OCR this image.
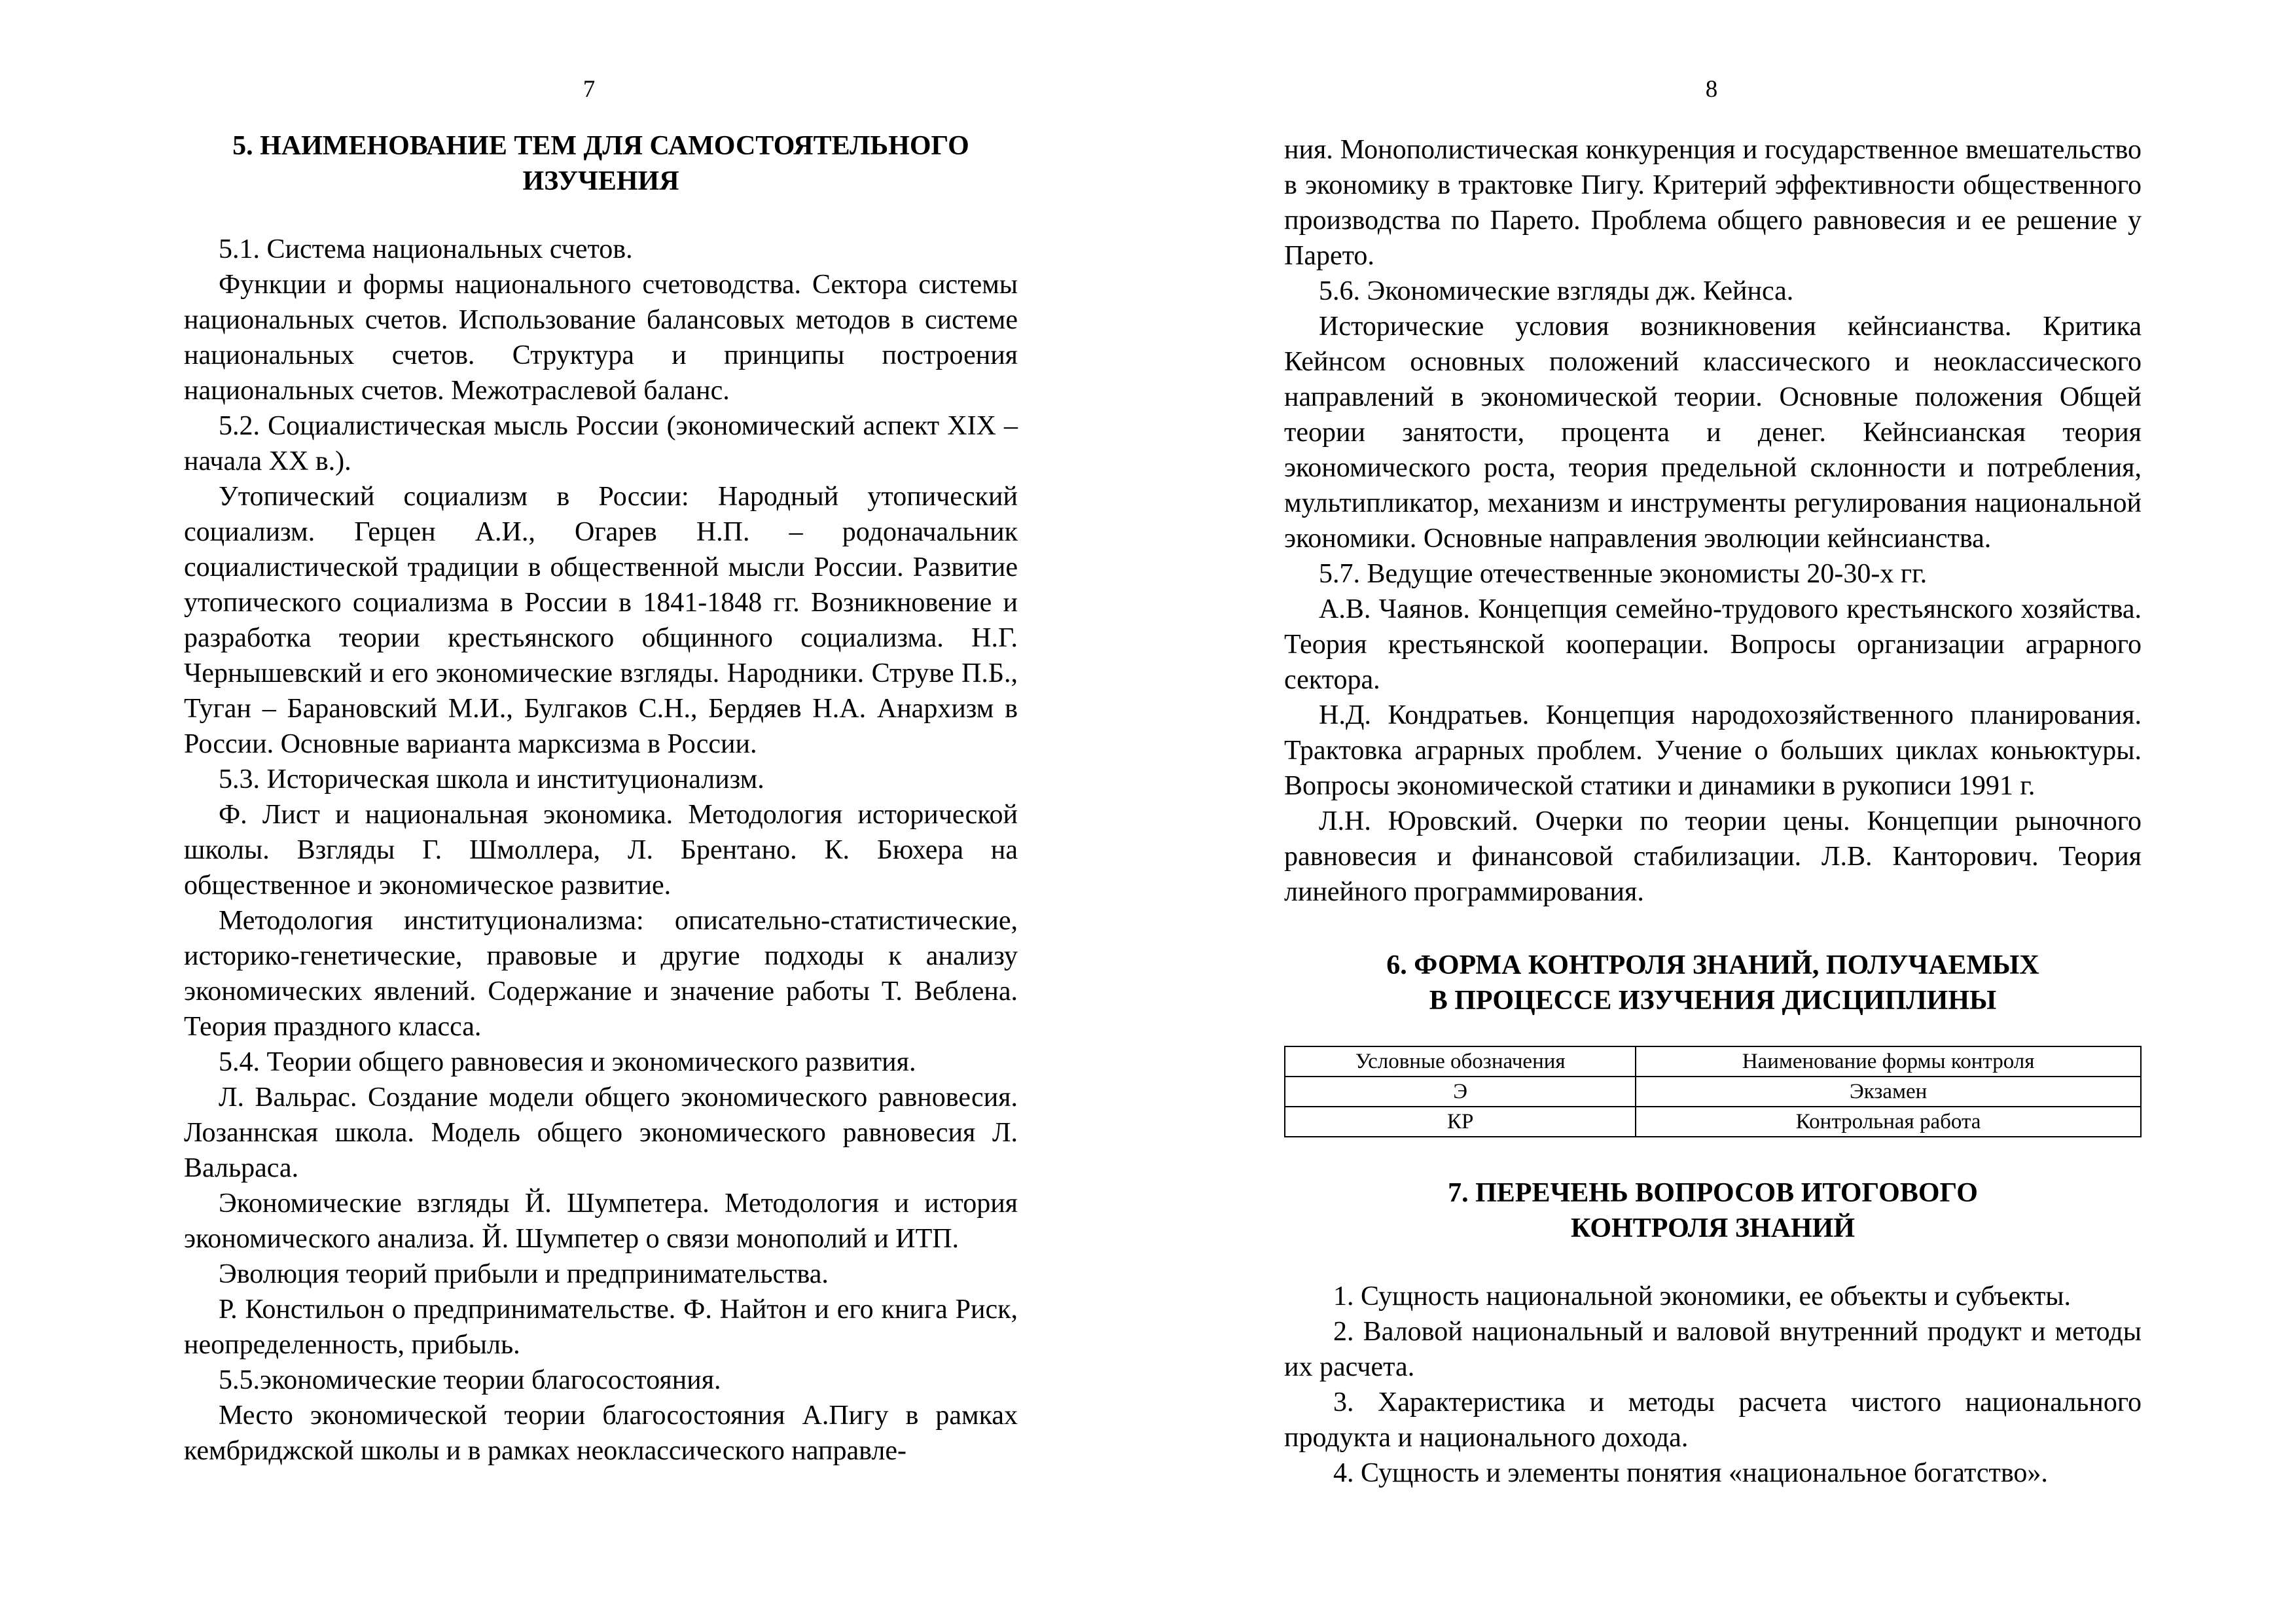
7	8
5. НАИМЕНОВАНИЕ ТЕМ ДЛЯ САМОСТОЯТЕЛЬНОГО
ИЗУЧЕНИЯ

5.1. Система национальных счетов.

Функции и формы национального счетоводства. Сектора системы национальных счетов. Использование балансовых методов в системе национальных счетов. Структура и принципы построения национальных счетов. Межотраслевой баланс.

5.2. Социалистическая мысль России (экономический аспект XIX – начала XX в.).

Утопический социализм в России: Народный утопический социализм. Герцен А.И., Огарев Н.П. – родоначальник социалистической традиции в общественной мысли России. Развитие утопического социализма в России в 1841-1848 гг. Возникновение и разработка теории крестьянского общинного социализма. Н.Г. Чернышевский и его экономические взгляды. Народники. Струве П.Б., Туган – Барановский М.И., Булгаков С.Н., Бердяев Н.А. Анархизм в России. Основные варианта марксизма в России.

5.3. Историческая школа и институционализм.

Ф. Лист и национальная экономика. Методология исторической школы. Взгляды Г. Шмоллера, Л. Брентано. К. Бюхера на общественное и экономическое развитие.

Методология институционализма: описательно-статистические, историко-генетические, правовые и другие подходы к анализу экономических явлений. Содержание и значение работы Т. Веблена. Теория праздного класса.

5.4. Теории общего равновесия и экономического развития.

Л. Вальрас. Создание модели общего экономического равновесия. Лозаннская школа. Модель общего экономического равновесия Л. Вальраса.

Экономические взгляды Й. Шумпетера. Методология и история экономического анализа. Й. Шумпетер о связи монополий и ИТП.

Эволюция теорий прибыли и предпринимательства.

Р. Констильон о предпринимательстве. Ф. Найтон и его книга Риск, неопределенность, прибыль.

5.5.экономические теории благосостояния.

Место экономической теории благосостояния А.Пигу в рамках кембриджской школы и в рамках неоклассического направле-

ния. Монополистическая конкуренция и государственное вмешательство в экономику в трактовке Пигу. Критерий эффективности общественного производства по Парето. Проблема общего равновесия и ее решение у Парето.

5.6. Экономические взгляды дж. Кейнса.

Исторические условия возникновения кейнсианства. Критика Кейнсом основных положений классического и неоклассического направлений в экономической теории. Основные положения Общей теории занятости, процента и денег. Кейнсианская теория экономического роста, теория предельной склонности и потребления, мультипликатор, механизм и инструменты регулирования национальной экономики. Основные направления эволюции кейнсианства.

5.7. Ведущие отечественные экономисты 20-30-х гг.

А.В. Чаянов. Концепция семейно-трудового крестьянского хозяйства. Теория крестьянской кооперации. Вопросы организации аграрного сектора.

Н.Д. Кондратьев. Концепция народохозяйственного планирования. Трактовка аграрных проблем. Учение о больших циклах коньюктуры. Вопросы экономической статики и динамики в рукописи 1991 г.

Л.Н. Юровский. Очерки по теории цены. Концепции рыночного равновесия и финансовой стабилизации. Л.В. Канторович. Теория линейного программирования.

6. ФОРМА КОНТРОЛЯ ЗНАНИЙ, ПОЛУЧАЕМЫХ
В ПРОЦЕССЕ ИЗУЧЕНИЯ ДИСЦИПЛИНЫ
Условные обозначения	Наименование формы контроля
Э	Экзамен
КР	Контрольная работа
7. ПЕРЕЧЕНЬ ВОПРОСОВ ИТОГОВОГО
КОНТРОЛЯ ЗНАНИЙ

1. Сущность национальной экономики, ее объекты и субъекты.

2. Валовой национальный и валовой внутренний продукт и методы их расчета.

3. Характеристика и методы расчета чистого национального продукта и национального дохода.

4. Сущность и элементы понятия «национальное богатство».
